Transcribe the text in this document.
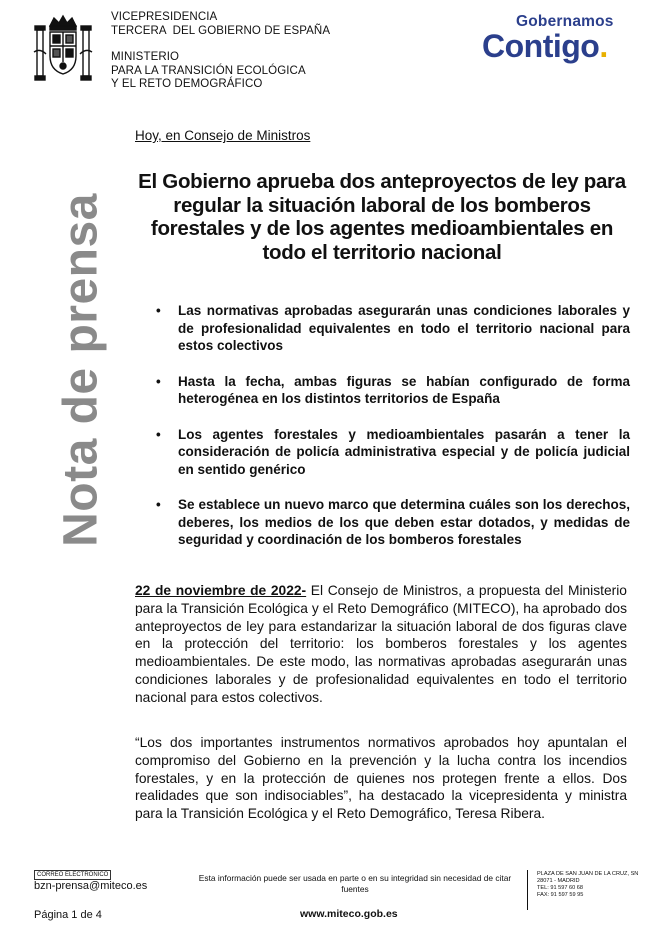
VICEPRESIDENCIA
TERCERA  DEL GOBIERNO DE ESPAÑA
MINISTERIO
PARA LA TRANSICIÓN ECOLÓGICA
Y EL RETO DEMOGRÁFICO
Gobernamos
Contigo.
Nota de prensa
Hoy, en Consejo de Ministros
El Gobierno aprueba dos anteproyectos de ley para regular la situación laboral de los bomberos forestales y de los agentes medioambientales en todo el territorio nacional
• Las normativas aprobadas asegurarán unas condiciones laborales y de profesionalidad equivalentes en todo el territorio nacional para estos colectivos
• Hasta la fecha, ambas figuras se habían configurado de forma heterogénea en los distintos territorios de España
• Los agentes forestales y medioambientales pasarán a tener la consideración de policía administrativa especial y de policía judicial en sentido genérico
• Se establece un nuevo marco que determina cuáles son los derechos, deberes, los medios de los que deben estar dotados, y medidas de seguridad y coordinación de los bomberos forestales
22 de noviembre de 2022- El Consejo de Ministros, a propuesta del Ministerio para la Transición Ecológica y el Reto Demográfico (MITECO), ha aprobado dos anteproyectos de ley para estandarizar la situación laboral de dos figuras clave en la protección del territorio: los bomberos forestales y los agentes medioambientales. De este modo, las normativas aprobadas asegurarán unas condiciones laborales y de profesionalidad equivalentes en todo el territorio nacional para estos colectivos.
“Los dos importantes instrumentos normativos aprobados hoy apuntalan el compromiso del Gobierno en la prevención y la lucha contra los incendios forestales, y en la protección de quienes nos protegen frente a ellos. Dos realidades que son indisociables”, ha destacado la vicepresidenta y ministra para la Transición Ecológica y el Reto Demográfico, Teresa Ribera.
CORREO ELECTRÓNICO
bzn-prensa@miteco.es
Esta información puede ser usada en parte o en su integridad sin necesidad de citar fuentes
PLAZA DE SAN JUAN DE LA CRUZ, SN
28071 - MADRID
TEL: 91 597 60 68
FAX: 91 597 59 95
Página 1 de 4	www.miteco.gob.es
